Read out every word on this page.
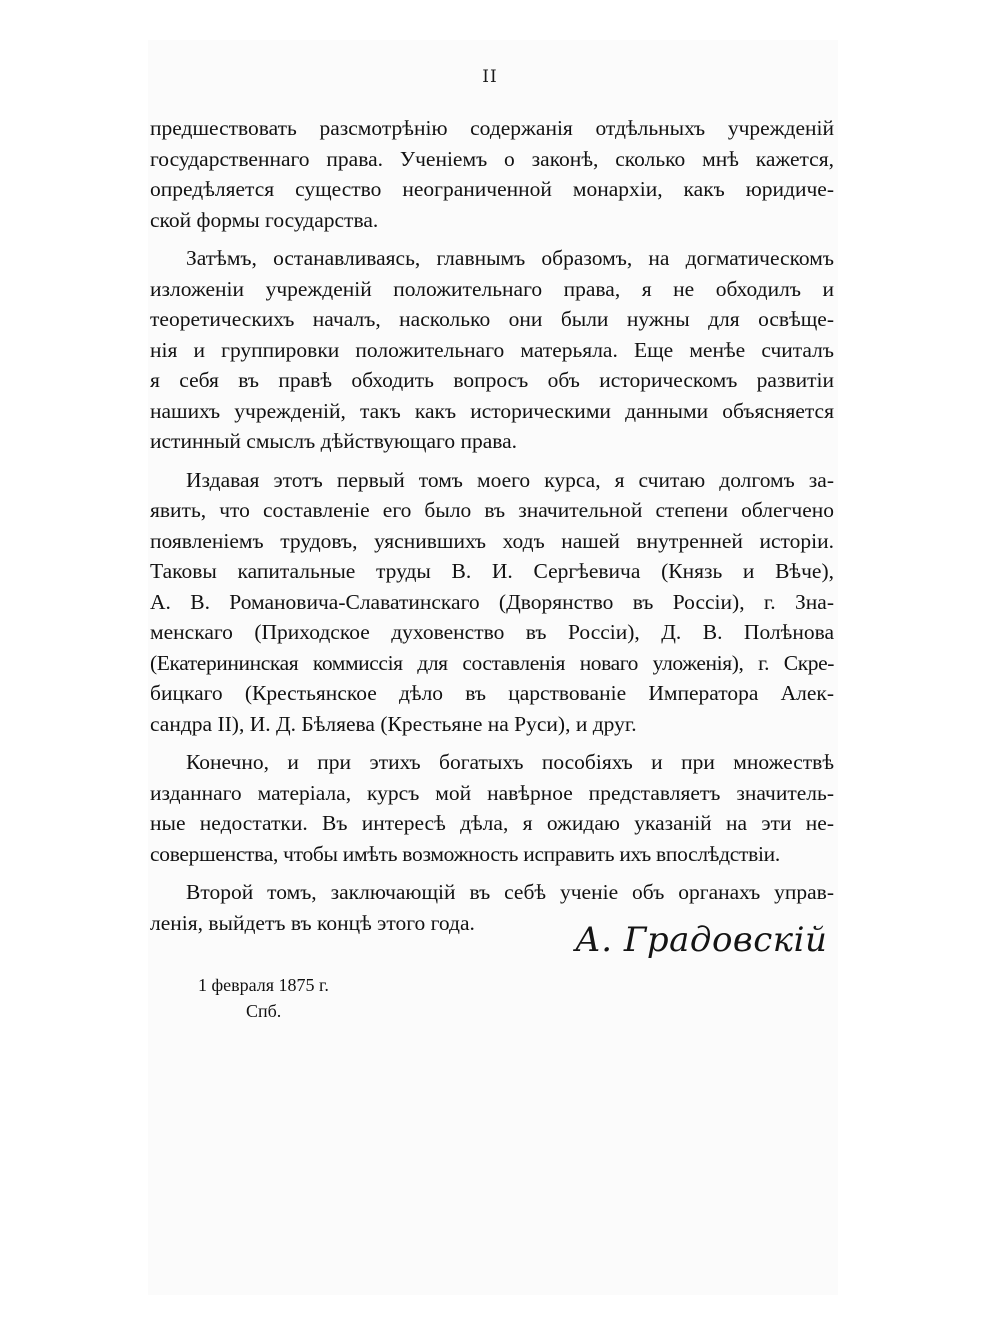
II
предшествовать разсмотрѣнію содержанія отдѣльныхъ учрежденій
государственнаго права. Ученіемъ о законѣ, сколько мнѣ кажется,
опредѣляется существо неограниченной монархіи, какъ юридиче-
ской формы государства.
Затѣмъ, останавливаясь, главнымъ образомъ, на догматическомъ
изложеніи учрежденій положительнаго права, я не обходилъ и
теоретическихъ началъ, насколько они были нужны для освѣще-
нія и группировки положительнаго матерьяла. Еще менѣе считалъ
я себя въ правѣ обходить вопросъ объ историческомъ развитіи
нашихъ учрежденій, такъ какъ историческими данными объясняется
истинный смыслъ дѣйствующаго права.
Издавая этотъ первый томъ моего курса, я считаю долгомъ за-
явить, что составленіе его было въ значительной степени облегчено
появленіемъ трудовъ, уяснившихъ ходъ нашей внутренней исторіи.
Таковы капитальные труды В. И. Сергѣевича (Князь и Вѣче),
А. В. Романовича-Славатинскаго (Дворянство въ Россіи), г. Зна-
менскаго (Приходское духовенство въ Россіи), Д. В. Полѣнова
(Екатерининская коммиссія для составленія новаго уложенія), г. Скре-
бицкаго (Крестьянское дѣло въ царствованіе Императора Алек-
сандра II), И. Д. Бѣляева (Крестьяне на Руси), и друг.
Конечно, и при этихъ богатыхъ пособіяхъ и при множествѣ
изданнаго матеріала, курсъ мой навѣрное представляетъ значитель-
ные недостатки. Въ интересѣ дѣла, я ожидаю указаній на эти не-
совершенства, чтобы имѣть возможность исправить ихъ впослѣдствіи.
Второй томъ, заключающій въ себѣ ученіе объ органахъ управ-
ленія, выйдетъ въ концѣ этого года.	А. Градовскій
1 февраля 1875 г.
Спб.
